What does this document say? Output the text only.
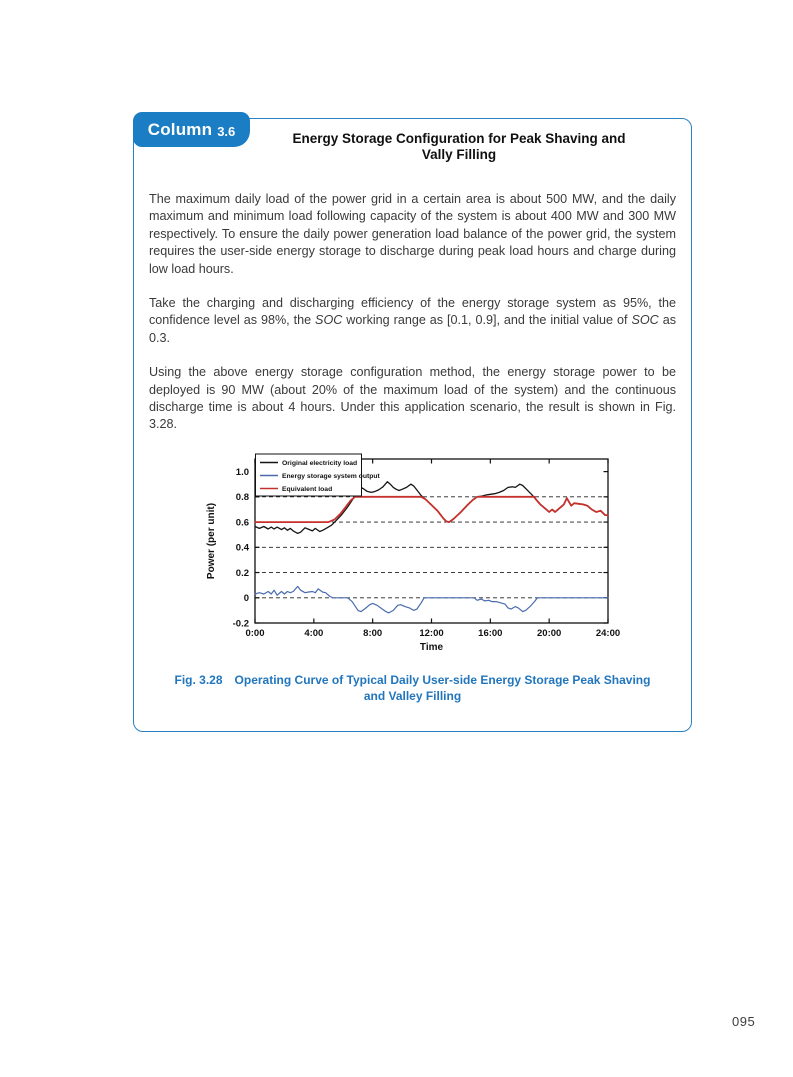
Column 3.6	Energy Storage Configuration for Peak Shaving and
Vally Filling

The maximum daily load of the power grid in a certain area is about 500 MW, and the daily maximum and minimum load following capacity of the system is about 400 MW and 300 MW respectively. To ensure the daily power generation load balance of the power grid, the system requires the user-side energy storage to discharge during peak load hours and charge during low load hours.

Take the charging and discharging efficiency of the energy storage system as 95%, the confidence level as 98%, the SOC working range as [0.1, 0.9], and the initial value of SOC as 0.3.

Using the above energy storage configuration method, the energy storage power to be deployed is 90 MW (about 20% of the maximum load of the system) and the continuous discharge time is about 4 hours. Under this application scenario, the result is shown in Fig. 3.28.

0:00	4:00	8:00	12:00	16:00	20:00	24:00
-0.2
0
0.2
0.4
0.6
0.8
1.0
Time
Power (per unit)
Original electricity load
Energy storage system output
Equivalent load
Fig. 3.28 Operating Curve of Typical Daily User-side Energy Storage Peak Shaving
and Valley Filling
095
